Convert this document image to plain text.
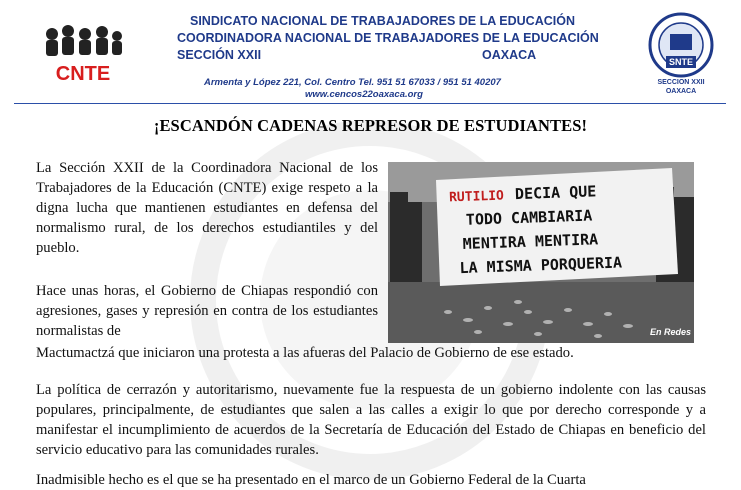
CNTE
SINDICATO NACIONAL DE TRABAJADORES DE LA EDUCACIÓN
COORDINADORA NACIONAL DE TRABAJADORES DE LA EDUCACIÓN
SECCIÓN XXII	OAXACA
Armenta y López 221, Col. Centro Tel. 951 51 67033 / 951 51 40207
www.cencos22oaxaca.org
SNTE
SECCION XXII
OAXACA
¡ESCANDÓN CADENAS REPRESOR DE ESTUDIANTES!
La Sección XXII de la Coordinadora Nacional de los Trabajadores de la Educación (CNTE) exige respeto a la digna lucha que mantienen estudiantes en defensa del normalismo rural, de los derechos estudiantiles y del pueblo.
Hace unas horas, el Gobierno de Chiapas respondió con agresiones, gases y represión en contra de los estudiantes normalistas de
Mactumactzá que iniciaron una protesta a las afueras del Palacio de Gobierno de ese estado.
La política de cerrazón y autoritarismo, nuevamente fue la respuesta de un gobierno indolente con las causas populares, principalmente, de estudiantes que salen a las calles a exigir lo que por derecho corresponde y a manifestar el incumplimiento de acuerdos de la Secretaría de Educación del Estado de Chiapas en beneficio del servicio educativo para las comunidades rurales.
Inadmisible hecho es el que se ha presentado en el marco de un Gobierno Federal de la Cuarta
RUTILIO DECIA QUE
TODO CAMBIARIA
MENTIRA MENTIRA
LA MISMA PORQUERIA
En Redes
